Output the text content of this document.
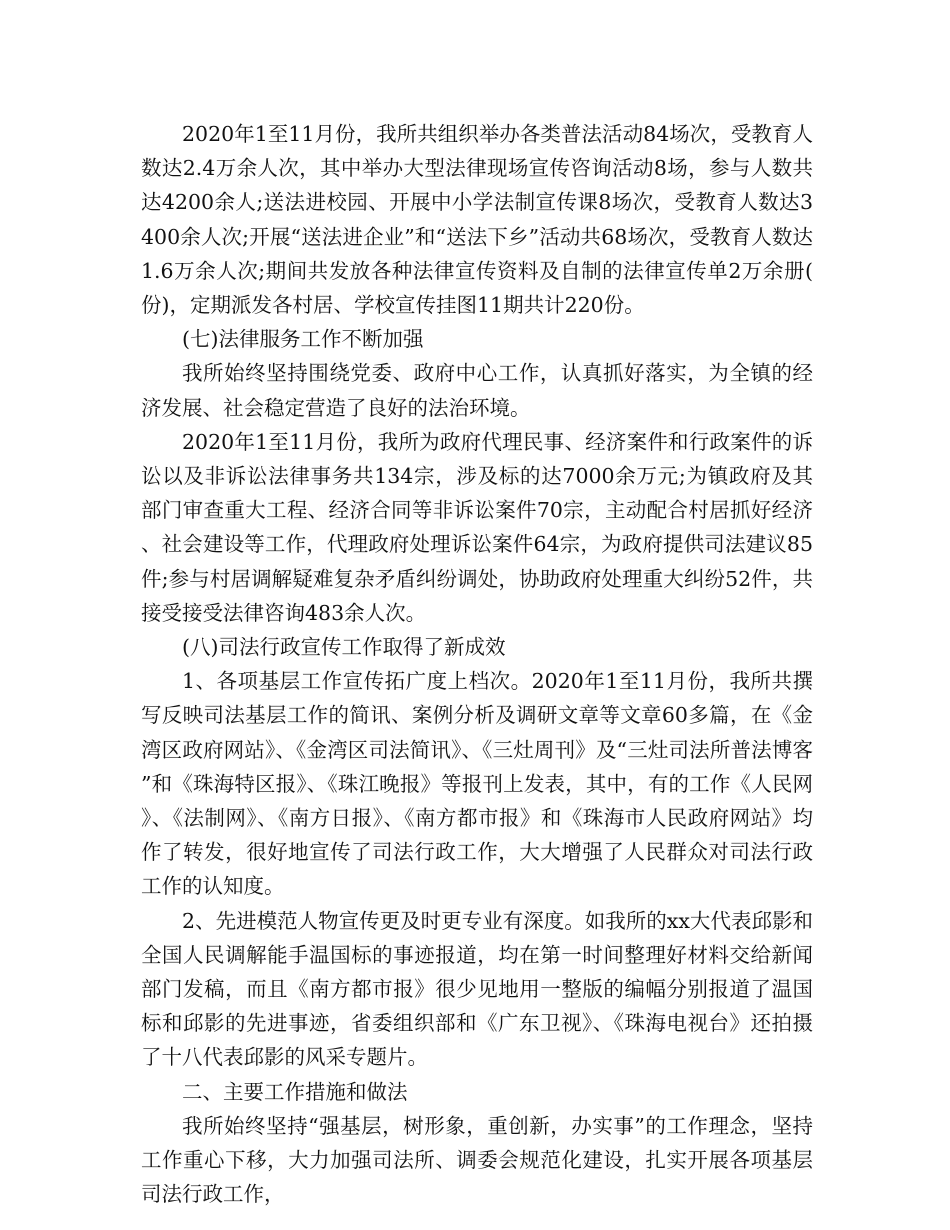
2020年1至11月份，我所共组织举办各类普法活动84场次，受教育人数达2.4万余人次，其中举办大型法律现场宣传咨询活动8场，参与人数共达4200余人;送法进校园、开展中小学法制宣传课8场次，受教育人数达3400余人次;开展“送法进企业”和“送法下乡”活动共68场次，受教育人数达1.6万余人次;期间共发放各种法律宣传资料及自制的法律宣传单2万余册(份)，定期派发各村居、学校宣传挂图11期共计220份。

(七)法律服务工作不断加强

我所始终坚持围绕党委、政府中心工作，认真抓好落实，为全镇的经济发展、社会稳定营造了良好的法治环境。

2020年1至11月份，我所为政府代理民事、经济案件和行政案件的诉讼以及非诉讼法律事务共134宗，涉及标的达7000余万元;为镇政府及其部门审查重大工程、经济合同等非诉讼案件70宗，主动配合村居抓好经济、社会建设等工作，代理政府处理诉讼案件64宗，为政府提供司法建议85件;参与村居调解疑难复杂矛盾纠纷调处，协助政府处理重大纠纷52件，共接受接受法律咨询483余人次。

(八)司法行政宣传工作取得了新成效

1、各项基层工作宣传拓广度上档次。2020年1至11月份，我所共撰写反映司法基层工作的简讯、案例分析及调研文章等文章60多篇，在《金湾区政府网站》、《金湾区司法简讯》、《三灶周刊》及“三灶司法所普法博客”和《珠海特区报》、《珠江晚报》等报刊上发表，其中，有的工作《人民网》、《法制网》、《南方日报》、《南方都市报》和《珠海市人民政府网站》均作了转发，很好地宣传了司法行政工作，大大增强了人民群众对司法行政工作的认知度。

2、先进模范人物宣传更及时更专业有深度。如我所的xx大代表邱影和全国人民调解能手温国标的事迹报道，均在第一时间整理好材料交给新闻部门发稿，而且《南方都市报》很少见地用一整版的编幅分别报道了温国标和邱影的先进事迹，省委组织部和《广东卫视》、《珠海电视台》还拍摄了十八代表邱影的风采专题片。

二、主要工作措施和做法

我所始终坚持“强基层，树形象，重创新，办实事”的工作理念，坚持工作重心下移，大力加强司法所、调委会规范化建设，扎实开展各项基层司法行政工作，
